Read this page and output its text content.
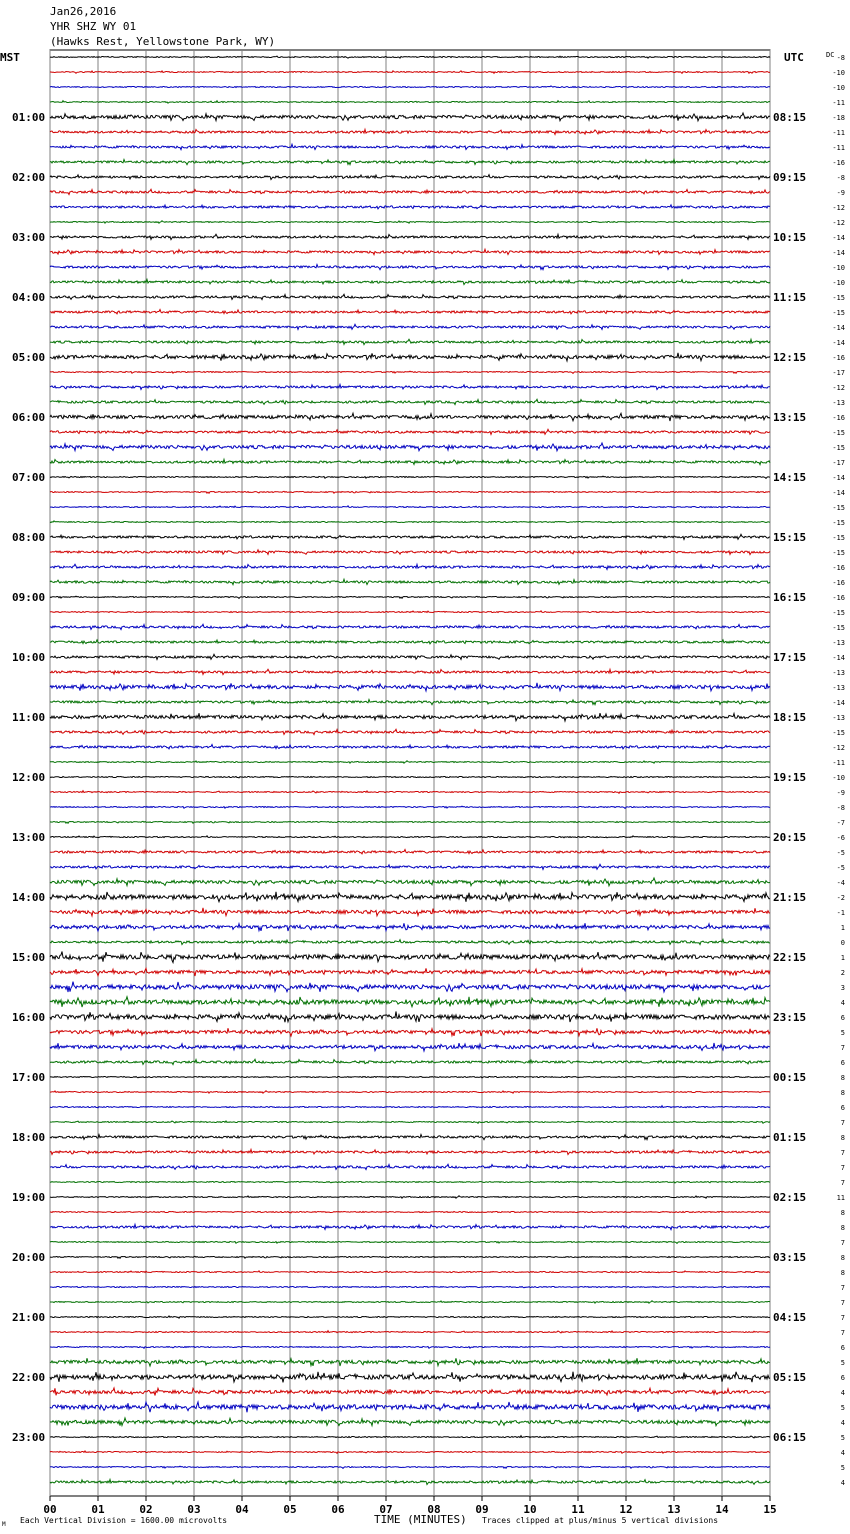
Jan26,2016
YHR SHZ WY 01
(Hawks Rest, Yellowstone Park, WY)
01:00
02:00
03:00
04:00
05:00
06:00
07:00
08:00
09:00
10:00
11:00
12:00
13:00
14:00
15:00
16:00
17:00
18:00
19:00
20:00
21:00
22:00
23:00
08:15
09:15
10:15
11:15
12:15
13:15
14:15
15:15
16:15
17:15
18:15
19:15
20:15
21:15
22:15
23:15
00:15
01:15
02:15
03:15
04:15
05:15
06:15
-8
-10
-10
-11
-18
-11
-11
-16
-8
-9
-12
-12
-14
-14
-10
-10
-15
-15
-14
-14
-16
-17
-12
-13
-16
-15
-15
-17
-14
-14
-15
-15
-15
-15
-16
-16
-16
-15
-15
-13
-14
-13
-13
-14
-13
-15
-12
-11
-10
-9
-8
-7
-6
-5
-5
-4
-2
-1
1
0
1
2
3
4
6
5
7
6
8
8
6
7
8
7
7
7
11
8
8
7
8
8
7
7
7
7
6
5
6
4
5
4
5
4
5
4
00	01	02	03	04	05	06	07	08	09	10	11	12	13	14	15
MST	UTC	DC
M Each Vertical Division = 1600.00 microvolts	TIME (MINUTES) Traces clipped at plus/minus 5 vertical divisions
